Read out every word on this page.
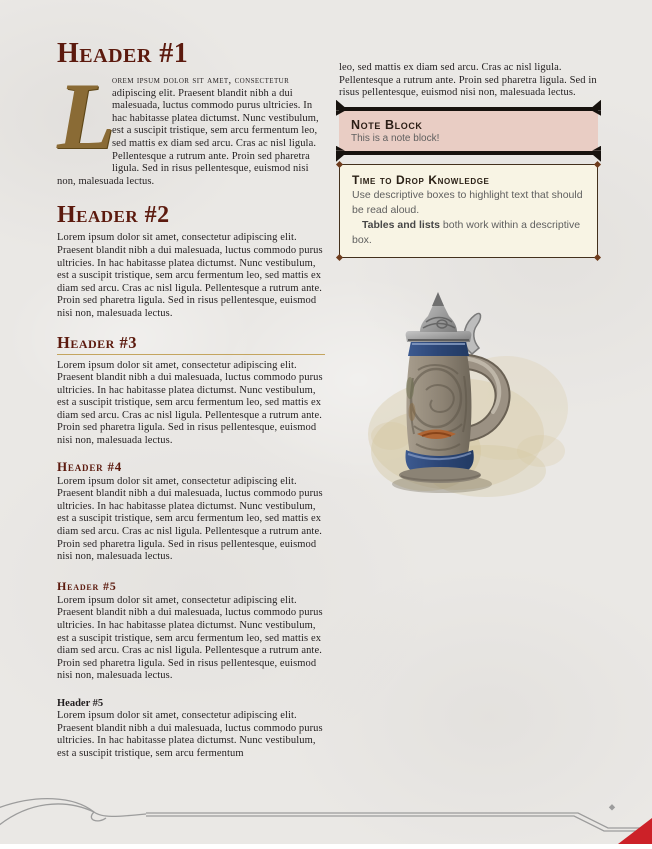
Header #1
L
orem ipsum dolor sit amet, consectetur adipiscing elit. Praesent blandit nibh a dui malesuada, luctus commodo purus ultricies. In hac habitasse platea dictumst. Nunc vestibulum, est a suscipit tristique, sem arcu fermentum leo, sed mattis ex diam sed arcu. Cras ac nisl ligula. Pellentesque a rutrum ante. Proin sed pharetra ligula. Sed in risus pellentesque, euismod nisi non, malesuada lectus.
Header #2
Lorem ipsum dolor sit amet, consectetur adipiscing elit. Praesent blandit nibh a dui malesuada, luctus commodo purus ultricies. In hac habitasse platea dictumst. Nunc vestibulum, est a suscipit tristique, sem arcu fermentum leo, sed mattis ex diam sed arcu. Cras ac nisl ligula. Pellentesque a rutrum ante. Proin sed pharetra ligula. Sed in risus pellentesque, euismod nisi non, malesuada lectus.
Header #3
Lorem ipsum dolor sit amet, consectetur adipiscing elit. Praesent blandit nibh a dui malesuada, luctus commodo purus ultricies. In hac habitasse platea dictumst. Nunc vestibulum, est a suscipit tristique, sem arcu fermentum leo, sed mattis ex diam sed arcu. Cras ac nisl ligula. Pellentesque a rutrum ante. Proin sed pharetra ligula. Sed in risus pellentesque, euismod nisi non, malesuada lectus.
Header #4
Lorem ipsum dolor sit amet, consectetur adipiscing elit. Praesent blandit nibh a dui malesuada, luctus commodo purus ultricies. In hac habitasse platea dictumst. Nunc vestibulum, est a suscipit tristique, sem arcu fermentum leo, sed mattis ex diam sed arcu. Cras ac nisl ligula. Pellentesque a rutrum ante. Proin sed pharetra ligula. Sed in risus pellentesque, euismod nisi non, malesuada lectus.
Header #5
Lorem ipsum dolor sit amet, consectetur adipiscing elit. Praesent blandit nibh a dui malesuada, luctus commodo purus ultricies. In hac habitasse platea dictumst. Nunc vestibulum, est a suscipit tristique, sem arcu fermentum leo, sed mattis ex diam sed arcu. Cras ac nisl ligula. Pellentesque a rutrum ante. Proin sed pharetra ligula. Sed in risus pellentesque, euismod nisi non, malesuada lectus.
Header #5
Lorem ipsum dolor sit amet, consectetur adipiscing elit. Praesent blandit nibh a dui malesuada, luctus commodo purus ultricies. In hac habitasse platea dictumst. Nunc vestibulum, est a suscipit tristique, sem arcu fermentum
leo, sed mattis ex diam sed arcu. Cras ac nisl ligula. Pellentesque a rutrum ante. Proin sed pharetra ligula. Sed in risus pellentesque, euismod nisi non, malesuada lectus.
Note Block
This is a note block!
Time to Drop Knowledge
Use descriptive boxes to highlight text that should be read aloud.
Tables and lists both work within a descriptive box.
